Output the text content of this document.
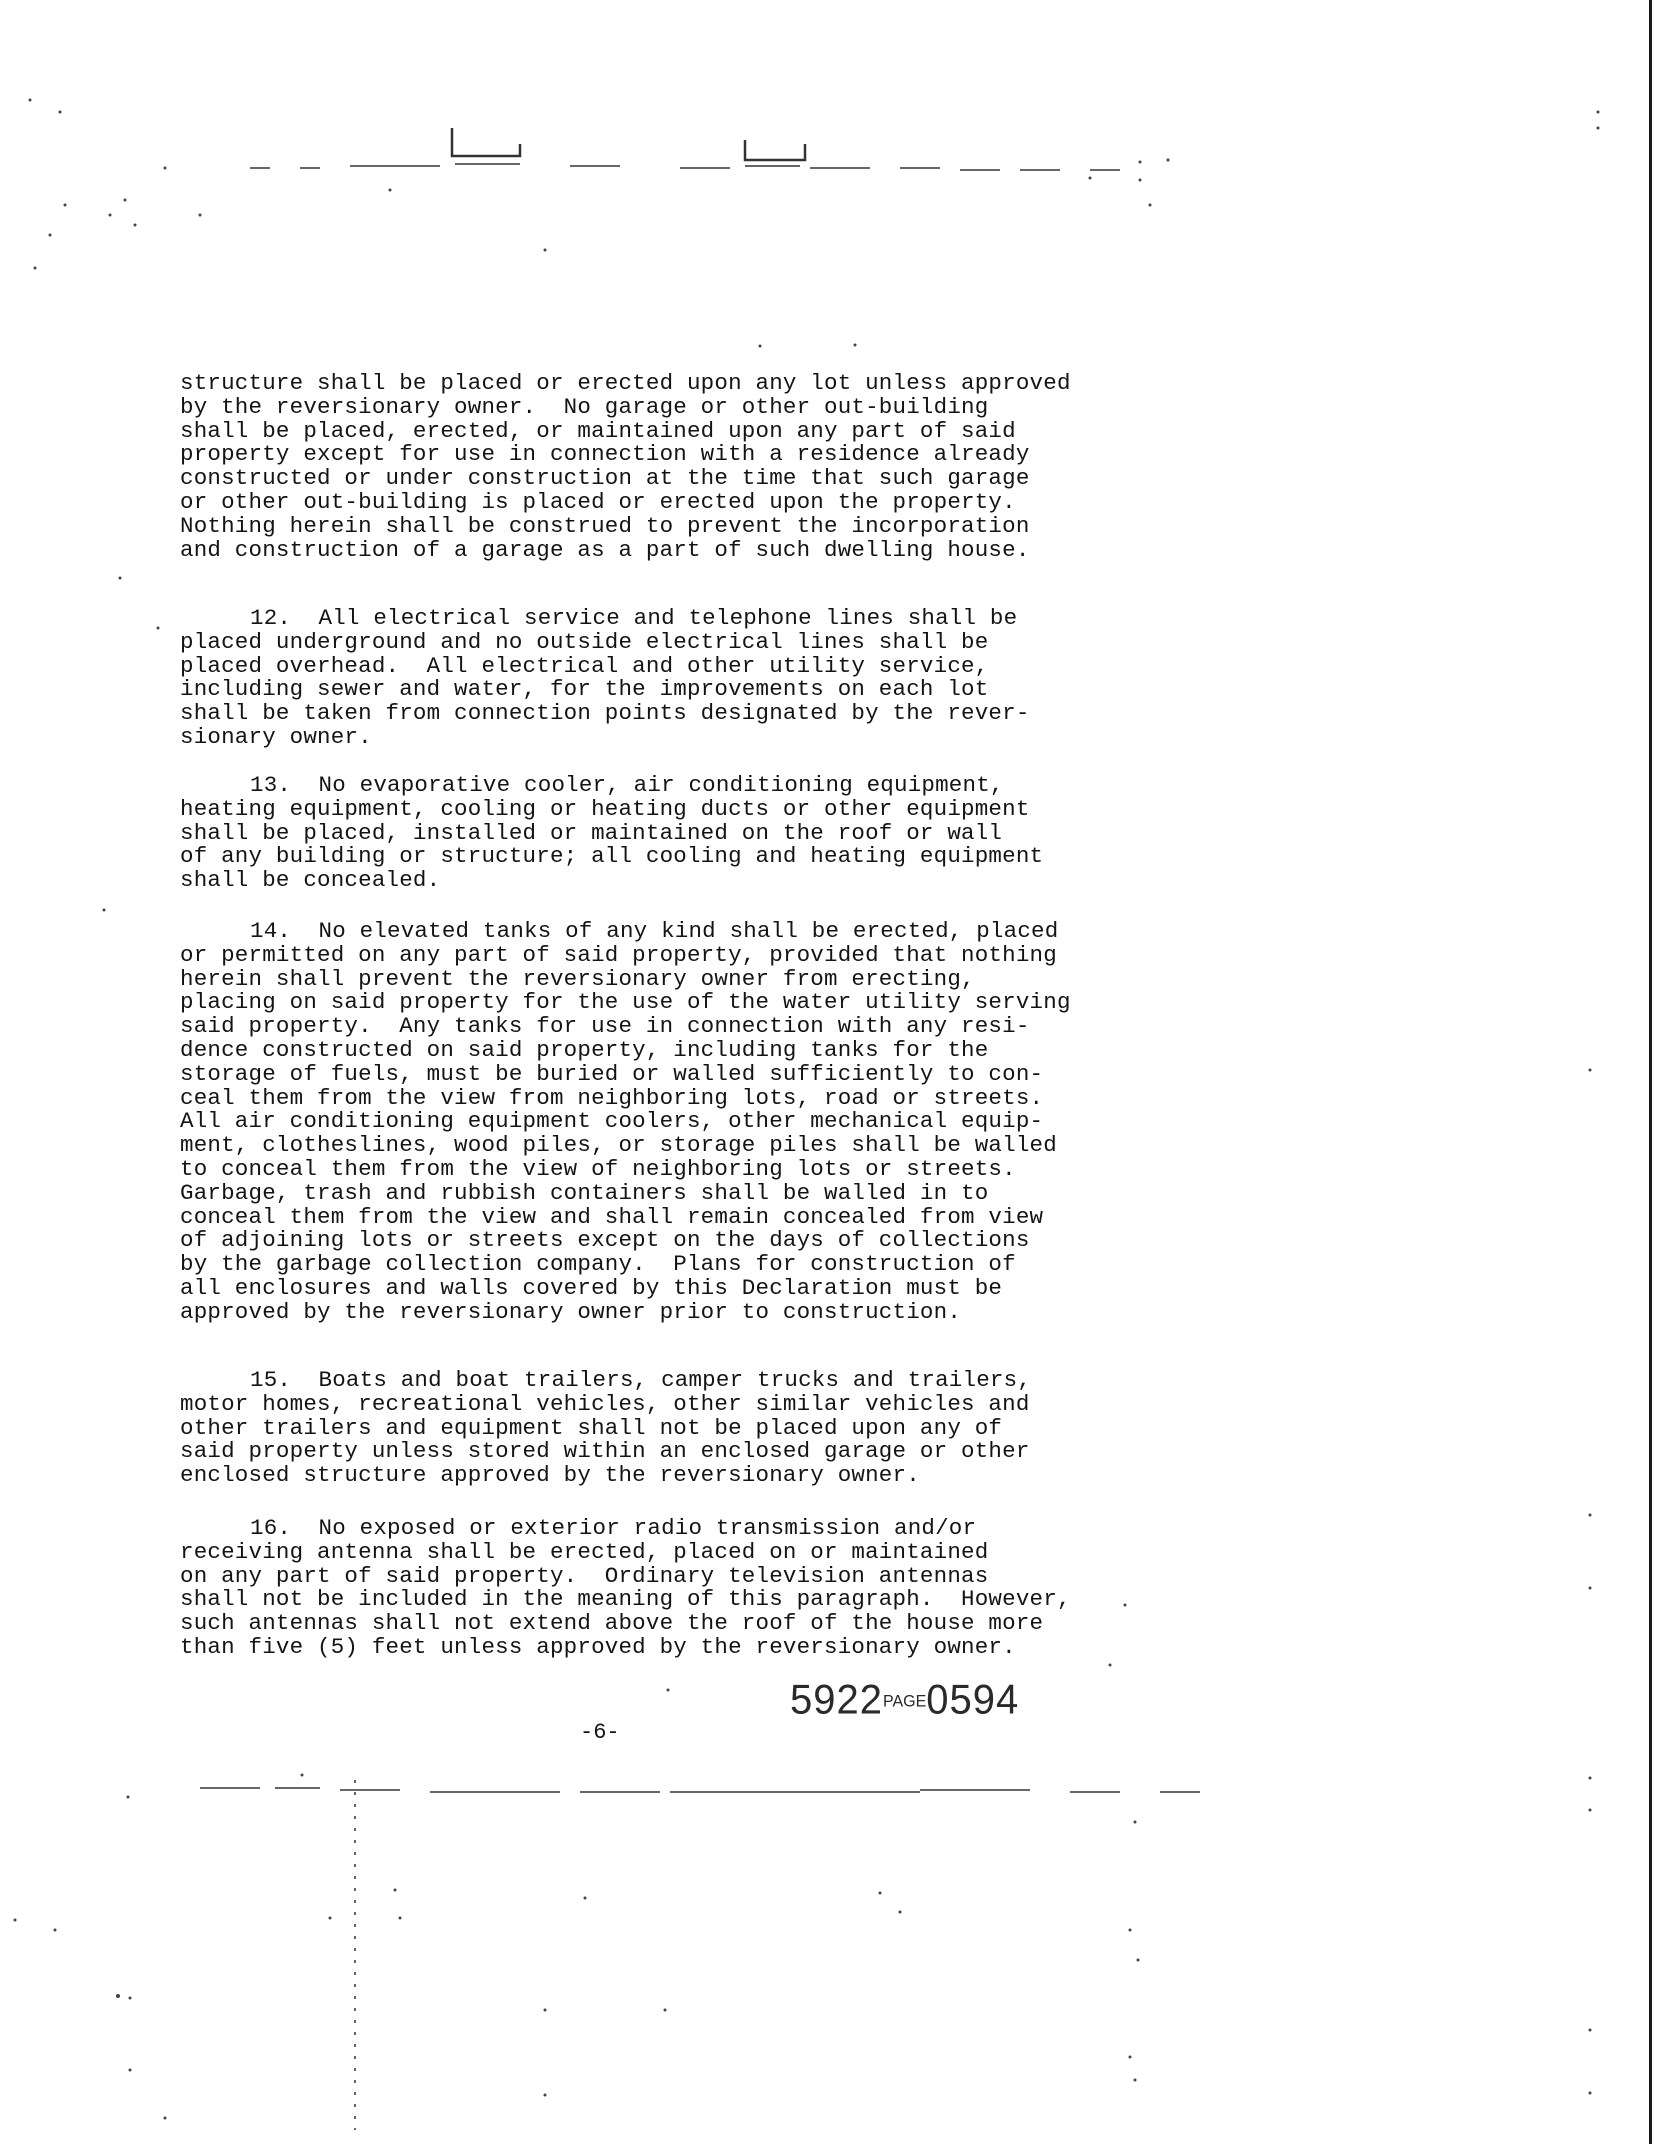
structure shall be placed or erected upon any lot unless approved

by the reversionary owner.  No garage or other out-building

shall be placed, erected, or maintained upon any part of said

property except for use in connection with a residence already

constructed or under construction at the time that such garage

or other out-building is placed or erected upon the property.

Nothing herein shall be construed to prevent the incorporation

and construction of a garage as a part of such dwelling house.

12.  All electrical service and telephone lines shall be

placed underground and no outside electrical lines shall be

placed overhead.  All electrical and other utility service,

including sewer and water, for the improvements on each lot

shall be taken from connection points designated by the rever-

sionary owner.

13.  No evaporative cooler, air conditioning equipment,

heating equipment, cooling or heating ducts or other equipment

shall be placed, installed or maintained on the roof or wall

of any building or structure; all cooling and heating equipment

shall be concealed.

14.  No elevated tanks of any kind shall be erected, placed

or permitted on any part of said property, provided that nothing

herein shall prevent the reversionary owner from erecting,

placing on said property for the use of the water utility serving

said property.  Any tanks for use in connection with any resi-

dence constructed on said property, including tanks for the

storage of fuels, must be buried or walled sufficiently to con-

ceal them from the view from neighboring lots, road or streets.

All air conditioning equipment coolers, other mechanical equip-

ment, clotheslines, wood piles, or storage piles shall be walled

to conceal them from the view of neighboring lots or streets.

Garbage, trash and rubbish containers shall be walled in to

conceal them from the view and shall remain concealed from view

of adjoining lots or streets except on the days of collections

by the garbage collection company.  Plans for construction of

all enclosures and walls covered by this Declaration must be

approved by the reversionary owner prior to construction.

15.  Boats and boat trailers, camper trucks and trailers,

motor homes, recreational vehicles, other similar vehicles and

other trailers and equipment shall not be placed upon any of

said property unless stored within an enclosed garage or other

enclosed structure approved by the reversionary owner.

16.  No exposed or exterior radio transmission and/or

receiving antenna shall be erected, placed on or maintained

on any part of said property.  Ordinary television antennas

shall not be included in the meaning of this paragraph.  However,

such antennas shall not extend above the roof of the house more

than five (5) feet unless approved by the reversionary owner.

5922PAGE0594

-6-
